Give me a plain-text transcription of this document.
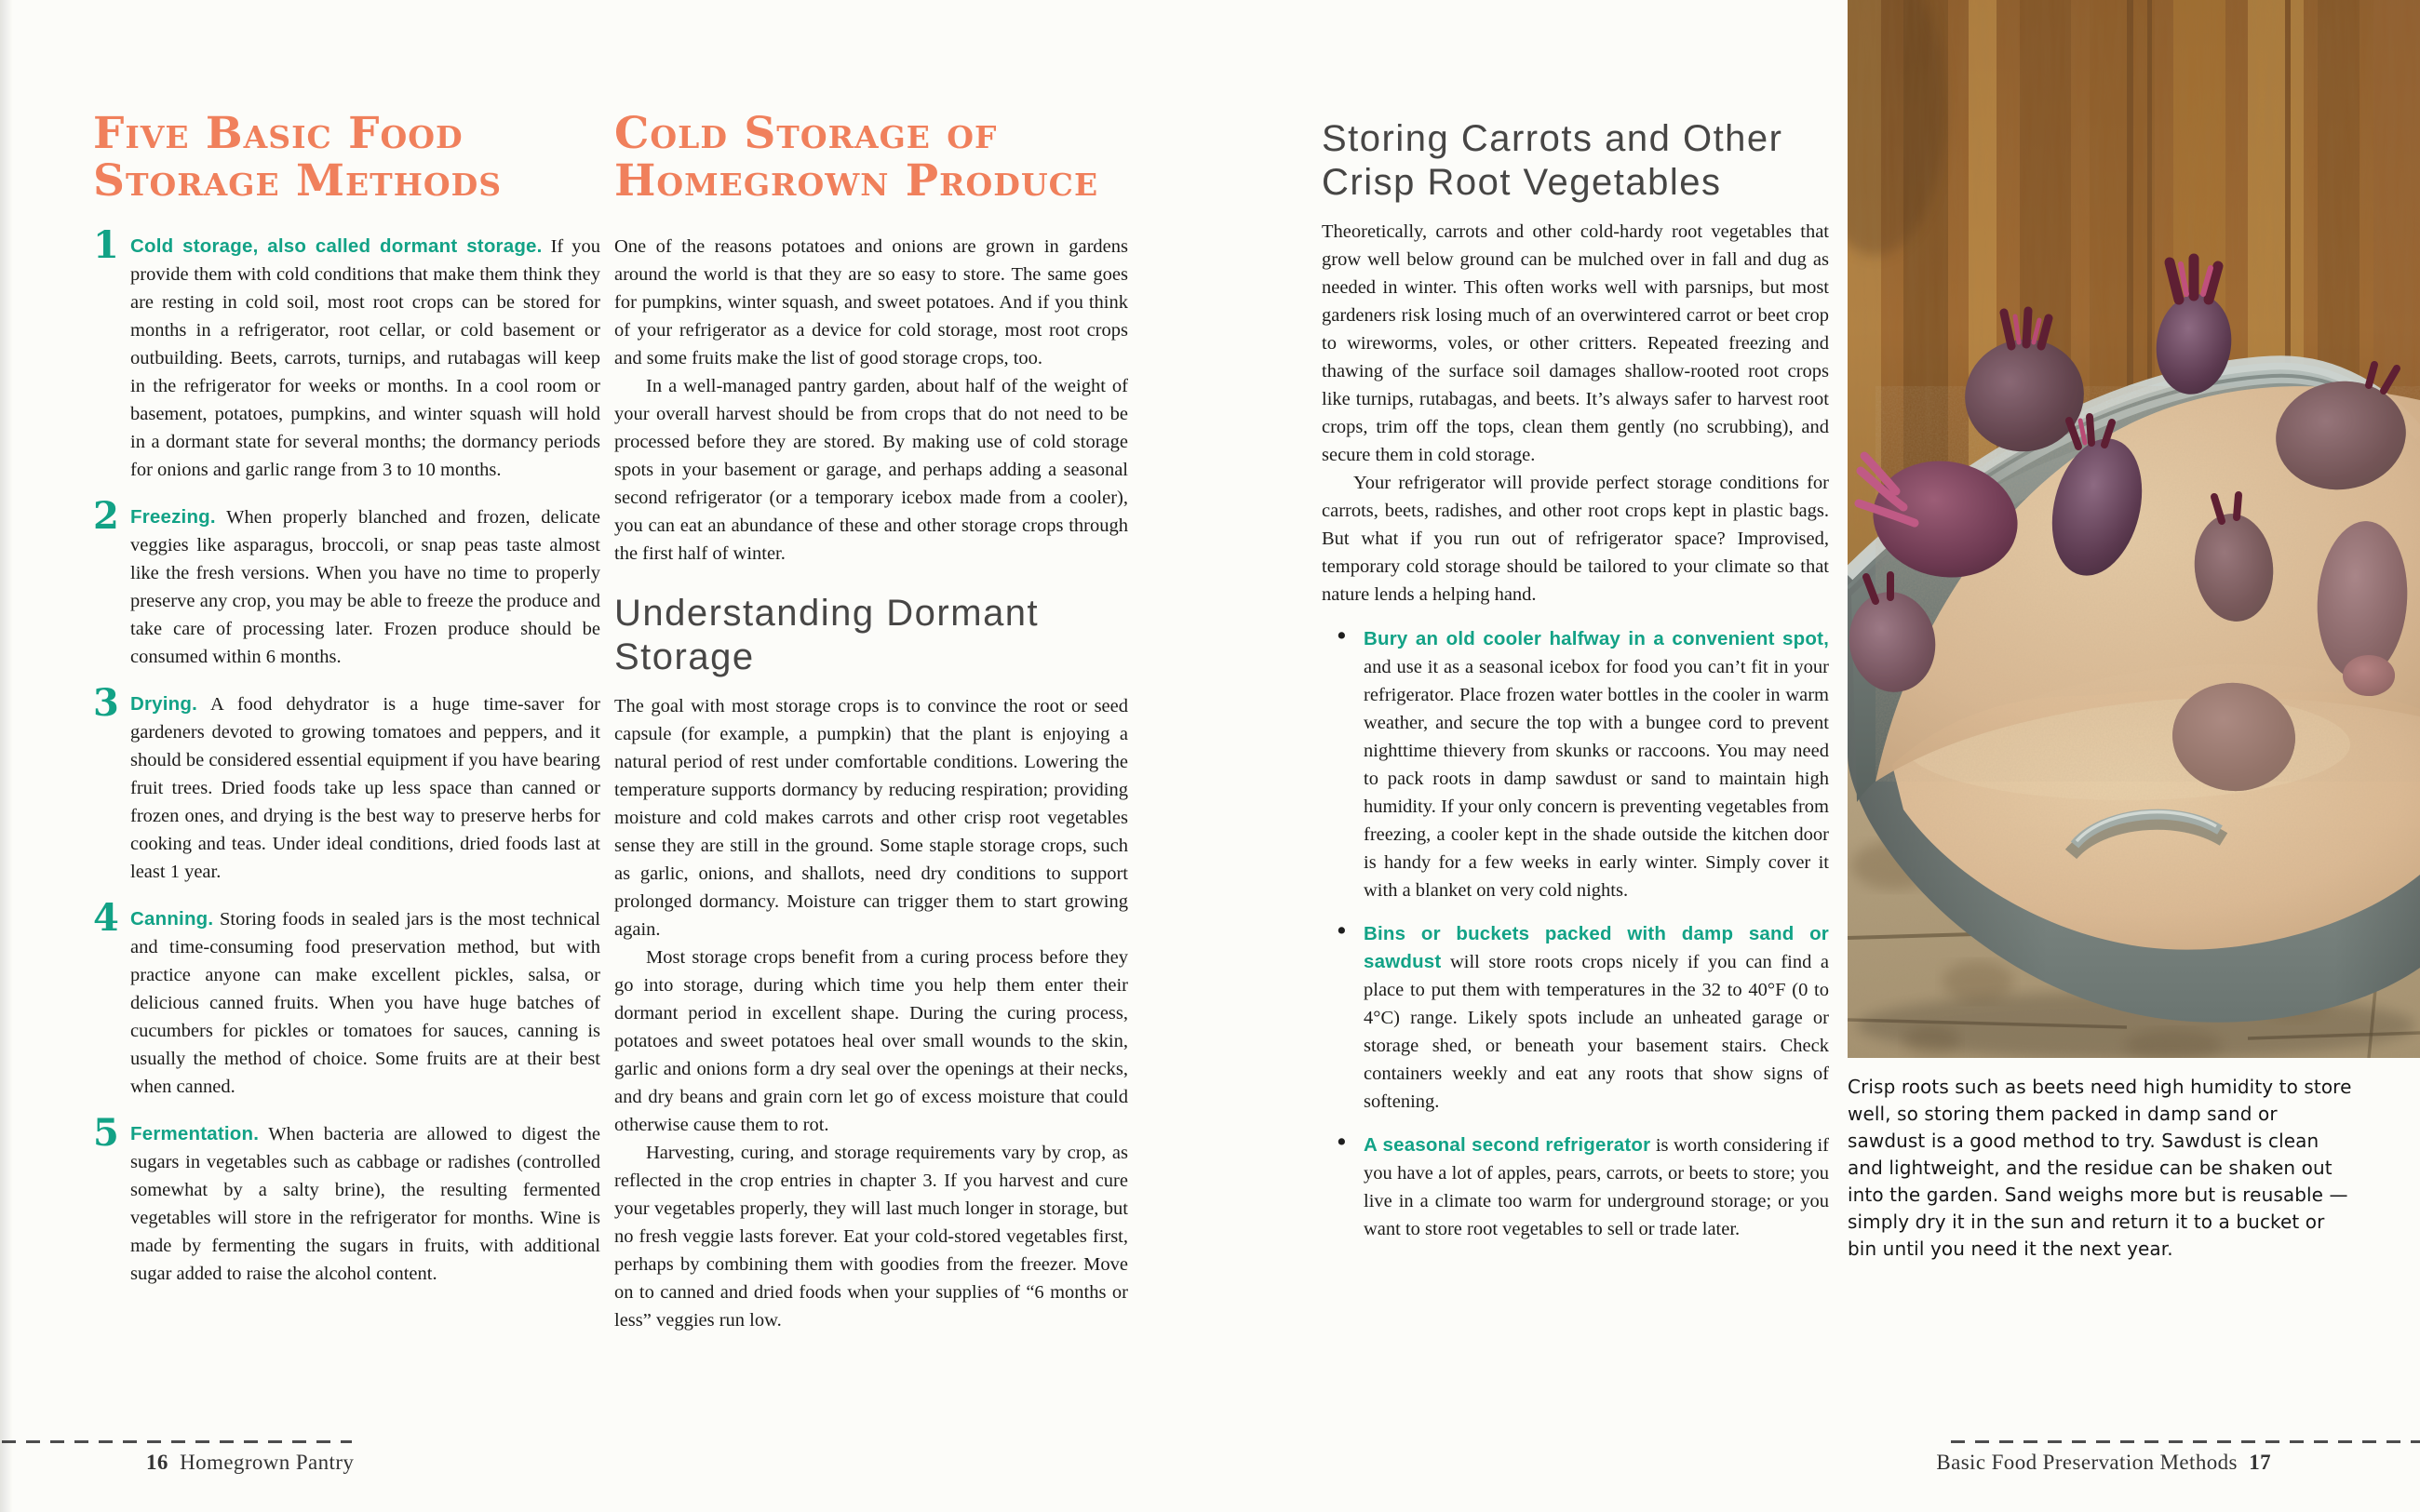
Five Basic Food Storage Methods
1 Cold storage, also called dormant storage. If you provide them with cold conditions that make them think they are resting in cold soil, most root crops can be stored for months in a refrigerator, root cellar, or cold basement or outbuilding. Beets, carrots, turnips, and rutabagas will keep in the refrigerator for weeks or months. In a cool room or basement, potatoes, pumpkins, and winter squash will hold in a dormant state for several months; the dormancy periods for onions and garlic range from 3 to 10 months.
2 Freezing. When properly blanched and frozen, delicate veggies like asparagus, broccoli, or snap peas taste almost like the fresh versions. When you have no time to properly preserve any crop, you may be able to freeze the produce and take care of processing later. Frozen produce should be consumed within 6 months.
3 Drying. A food dehydrator is a huge time-saver for gardeners devoted to growing tomatoes and peppers, and it should be considered essential equipment if you have bearing fruit trees. Dried foods take up less space than canned or frozen ones, and drying is the best way to preserve herbs for cooking and teas. Under ideal conditions, dried foods last at least 1 year.
4 Canning. Storing foods in sealed jars is the most technical and time-consuming food preservation method, but with practice anyone can make excellent pickles, salsa, or delicious canned fruits. When you have huge batches of cucumbers for pickles or tomatoes for sauces, canning is usually the method of choice. Some fruits are at their best when canned.
5 Fermentation. When bacteria are allowed to digest the sugars in vegetables such as cabbage or radishes (controlled somewhat by a salty brine), the resulting fermented vegetables will store in the refrigerator for months. Wine is made by fermenting the sugars in fruits, with additional sugar added to raise the alcohol content.
Cold Storage of Homegrown Produce

One of the reasons potatoes and onions are grown in gardens around the world is that they are so easy to store. The same goes for pumpkins, winter squash, and sweet potatoes. And if you think of your refrigerator as a device for cold storage, most root crops and some fruits make the list of good storage crops, too.

In a well-managed pantry garden, about half of the weight of your overall harvest should be from crops that do not need to be processed before they are stored. By making use of cold storage spots in your basement or garage, and perhaps adding a seasonal second refrigerator (or a temporary icebox made from a cooler), you can eat an abundance of these and other storage crops through the first half of winter.

Understanding Dormant Storage

The goal with most storage crops is to convince the root or seed capsule (for example, a pumpkin) that the plant is enjoying a natural period of rest under comfortable conditions. Lowering the temperature supports dormancy by reducing respiration; providing moisture and cold makes carrots and other crisp root vegetables sense they are still in the ground. Some staple storage crops, such as garlic, onions, and shallots, need dry conditions to support prolonged dormancy. Moisture can trigger them to start growing again.

Most storage crops benefit from a curing process before they go into storage, during which time you help them enter their dormant period in excellent shape. During the curing process, potatoes and sweet potatoes heal over small wounds to the skin, garlic and onions form a dry seal over the openings at their necks, and dry beans and grain corn let go of excess moisture that could otherwise cause them to rot.

Harvesting, curing, and storage requirements vary by crop, as reflected in the crop entries in chapter 3. If you harvest and cure your vegetables properly, they will last much longer in storage, but no fresh veggie lasts forever. Eat your cold-stored vegetables first, perhaps by combining them with goodies from the freezer. Move on to canned and dried foods when your supplies of “6 months or less” veggies run low.

Storing Carrots and Other Crisp Root Vegetables

Theoretically, carrots and other cold-hardy root vegetables that grow well below ground can be mulched over in fall and dug as needed in winter. This often works well with parsnips, but most gardeners risk losing much of an overwintered carrot or beet crop to wireworms, voles, or other critters. Repeated freezing and thawing of the surface soil damages shallow-rooted root crops like turnips, rutabagas, and beets. It’s always safer to harvest root crops, trim off the tops, clean them gently (no scrubbing), and secure them in cold storage.

Your refrigerator will provide perfect storage conditions for carrots, beets, radishes, and other root crops kept in plastic bags. But what if you run out of refrigerator space? Improvised, temporary cold storage should be tailored to your climate so that nature lends a helping hand.

• Bury an old cooler halfway in a convenient spot, and use it as a seasonal icebox for food you can’t fit in your refrigerator. Place frozen water bottles in the cooler in warm weather, and secure the top with a bungee cord to prevent nighttime thievery from skunks or raccoons. You may need to pack roots in damp sawdust or sand to maintain high humidity. If your only concern is preventing vegetables from freezing, a cooler kept in the shade outside the kitchen door is handy for a few weeks in early winter. Simply cover it with a blanket on very cold nights.
• Bins or buckets packed with damp sand or sawdust will store roots crops nicely if you can find a place to put them with temperatures in the 32 to 40°F (0 to 4°C) range. Likely spots include an unheated garage or storage shed, or beneath your basement stairs. Check containers weekly and eat any roots that show signs of softening.
• A seasonal second refrigerator is worth considering if you have a lot of apples, pears, carrots, or beets to store; you live in a climate too warm for underground storage; or you want to store root vegetables to sell or trade later.
Crisp roots such as beets need high humidity to store well, so storing them packed in damp sand or sawdust is a good method to try. Sawdust is clean and lightweight, and the residue can be shaken out into the garden. Sand weighs more but is reusable — simply dry it in the sun and return it to a bucket or bin until you need it the next year.
16 Homegrown Pantry	Basic Food Preservation Methods 17
